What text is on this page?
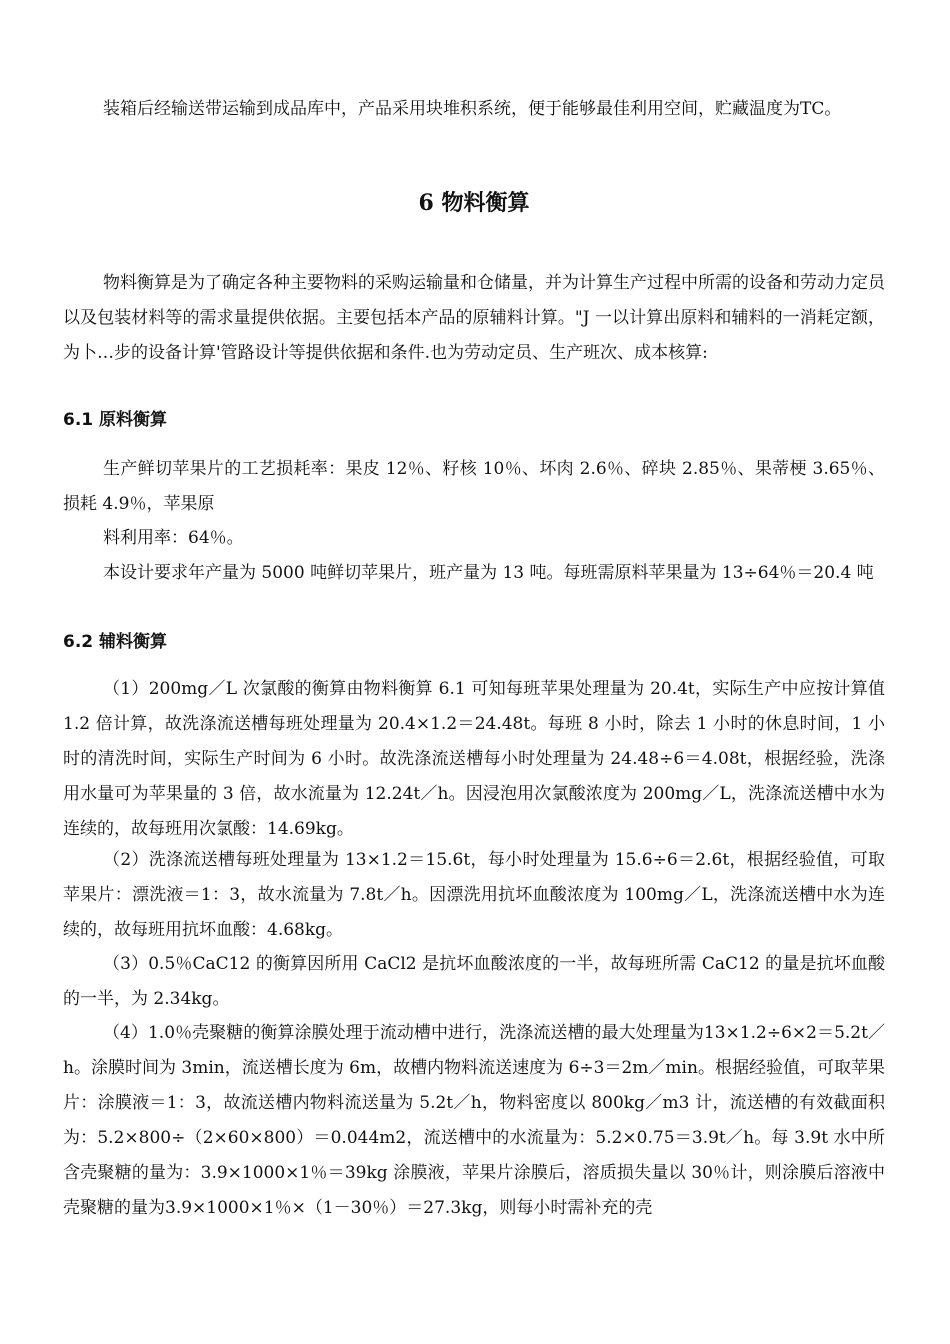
装箱后经输送带运输到成品库中，产品采用块堆积系统，便于能够最佳利用空间，贮藏温度为TC。

6 物料衡算

物料衡算是为了确定各种主要物料的采购运输量和仓储量，并为计算生产过程中所需的设备和劳动力定员以及包装材料等的需求量提供依据。主要包括本产品的原辅料计算。"J 一以计算出原料和辅料的一消耗定额，为卜…步的设备计算'管路设计等提供依据和条件.也为劳动定员、生产班次、成本核算:

6.1 原料衡算

生产鲜切苹果片的工艺损耗率：果皮 12％、籽核 10％、坏肉 2.6％、碎块 2.85％、果蒂梗 3.65％、损耗 4.9％，苹果原

料利用率：64％。

本设计要求年产量为 5000 吨鲜切苹果片，班产量为 13 吨。每班需原料苹果量为 13÷64％＝20.4 吨

6.2 辅料衡算

（1）200mg／L 次氯酸的衡算由物料衡算 6.1 可知每班苹果处理量为 20.4t，实际生产中应按计算值 1.2 倍计算，故洗涤流送槽每班处理量为 20.4×1.2＝24.48t。每班 8 小时，除去 1 小时的休息时间，1 小时的清洗时间，实际生产时间为 6 小时。故洗涤流送槽每小时处理量为 24.48÷6＝4.08t，根据经验，洗涤用水量可为苹果量的 3 倍，故水流量为 12.24t／h。因浸泡用次氯酸浓度为 200mg／L，洗涤流送槽中水为连续的，故每班用次氯酸：14.69kg。

（2）洗涤流送槽每班处理量为 13×1.2＝15.6t，每小时处理量为 15.6÷6＝2.6t，根据经验值，可取苹果片：漂洗液＝1：3，故水流量为 7.8t／h。因漂洗用抗坏血酸浓度为 100mg／L，洗涤流送槽中水为连续的，故每班用抗坏血酸：4.68kg。

（3）0.5％CaC12 的衡算因所用 CaCl2 是抗坏血酸浓度的一半，故每班所需 CaC12 的量是抗坏血酸的一半，为 2.34kg。

（4）1.0％壳聚糖的衡算涂膜处理于流动槽中进行，洗涤流送槽的最大处理量为13×1.2÷6×2＝5.2t／h。涂膜时间为 3min，流送槽长度为 6m，故槽内物料流送速度为 6÷3＝2m／min。根据经验值，可取苹果片：涂膜液＝1：3，故流送槽内物料流送量为 5.2t／h，物料密度以 800kg／m3 计，流送槽的有效截面积为：5.2×800÷（2×60×800）＝0.044m2，流送槽中的水流量为：5.2×0.75＝3.9t／h。每 3.9t 水中所含壳聚糖的量为：3.9×1000×1％＝39kg 涂膜液，苹果片涂膜后，溶质损失量以 30％计，则涂膜后溶液中壳聚糖的量为3.9×1000×1％×（1－30％）＝27.3kg，则每小时需补充的壳
